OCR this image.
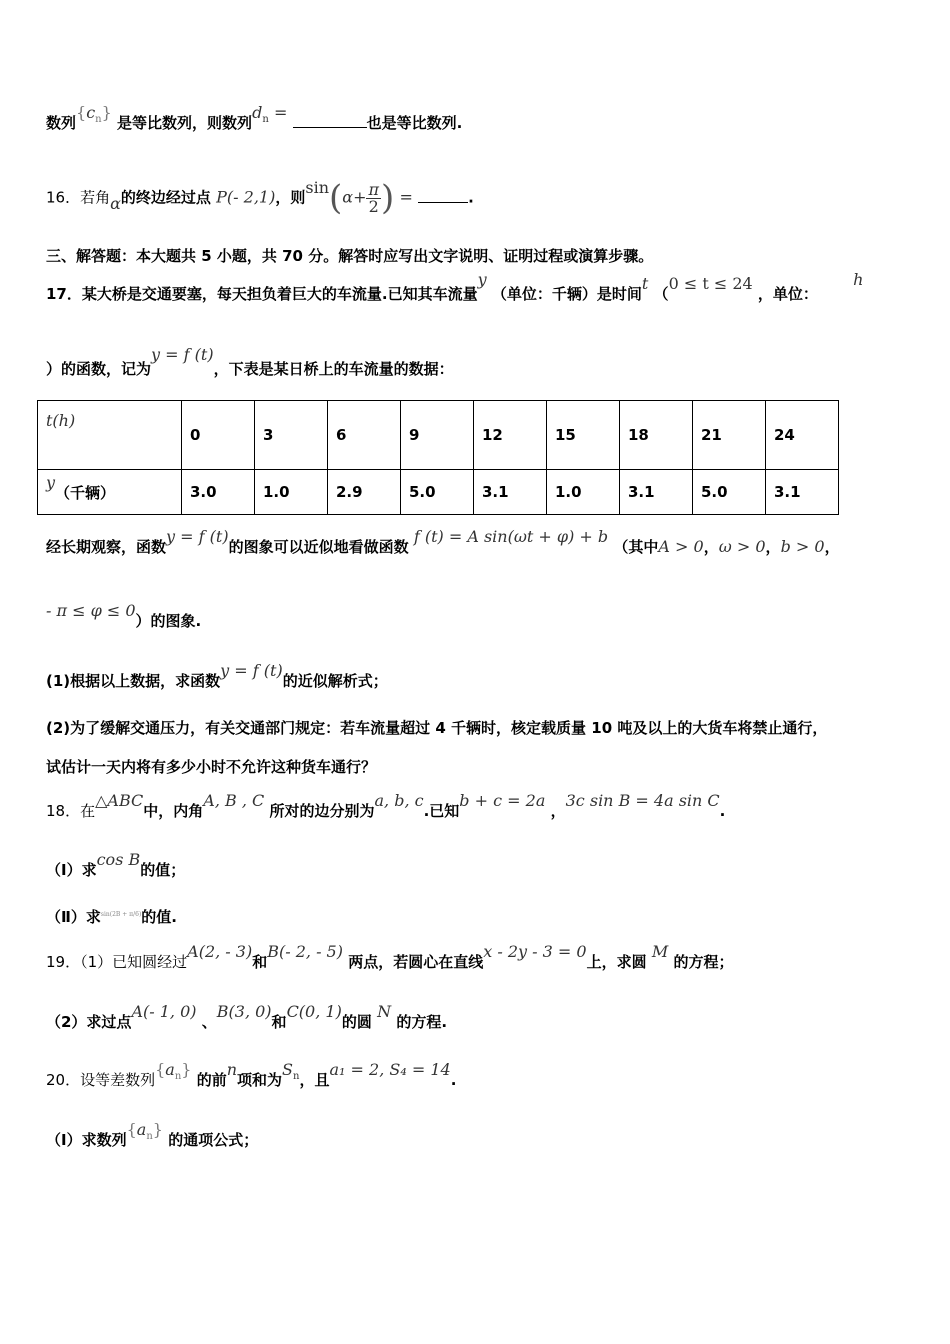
数列$\{c_n\}$ 是等比数列，则数列$d_n$ = 也是等比数列.
16．若角α的终边经过点 P(- 2,1)，则$\sin(\alpha+ \frac{\pi}{2}$ ) =	.
三、解答题：本大题共 5 小题，共 70 分。解答时应写出文字说明、证明过程或演算步骤。
17．某大桥是交通要塞，每天担负着巨大的车流量.已知其车流量y （单位：千辆）是时间t （0 ≤ t ≤ 24 ，单位： h
）的函数，记为y = f (t)，下表是某日桥上的车流量的数据：
t(h)	0	3	6	9	12	15	18	21	24
y（千辆）	3.0	1.0	2.9	5.0	3.1	1.0	3.1	5.0	3.1
经长期观察，函数y = f (t)的图象可以近似地看做函数 f (t) = A sin(ωt + φ) + b （其中A > 0，ω > 0，b > 0，
- π ≤ φ ≤ 0）的图象.
(1)根据以上数据，求函数y = f (t)的近似解析式；
(2)为了缓解交通压力，有关交通部门规定：若车流量超过 4 千辆时，核定载质量 10 吨及以上的大货车将禁止通行，
试估计一天内将有多少小时不允许这种货车通行？
18．在△ABC中，内角A, B , C 所对的边分别为a, b, c.已知b + c = 2a ，3c sin B = 4a sin C.
（Ⅰ）求cos B的值；
（Ⅱ）求$^{sin(2B + \pi/6)}$的值.
19．（1）已知圆经过A(2, - 3)和B(- 2, - 5) 两点，若圆心在直线x - 2y - 3 = 0上，求圆 M 的方程；
（2）求过点A(- 1, 0) 、B(3, 0)和C(0, 1)的圆 N 的方程.
20．设等差数列$\{a_n\}$ 的前n项和为$S_n$，且a₁ = 2, S₄ = 14.
（I）求数列$\{a_n\}$ 的通项公式；
